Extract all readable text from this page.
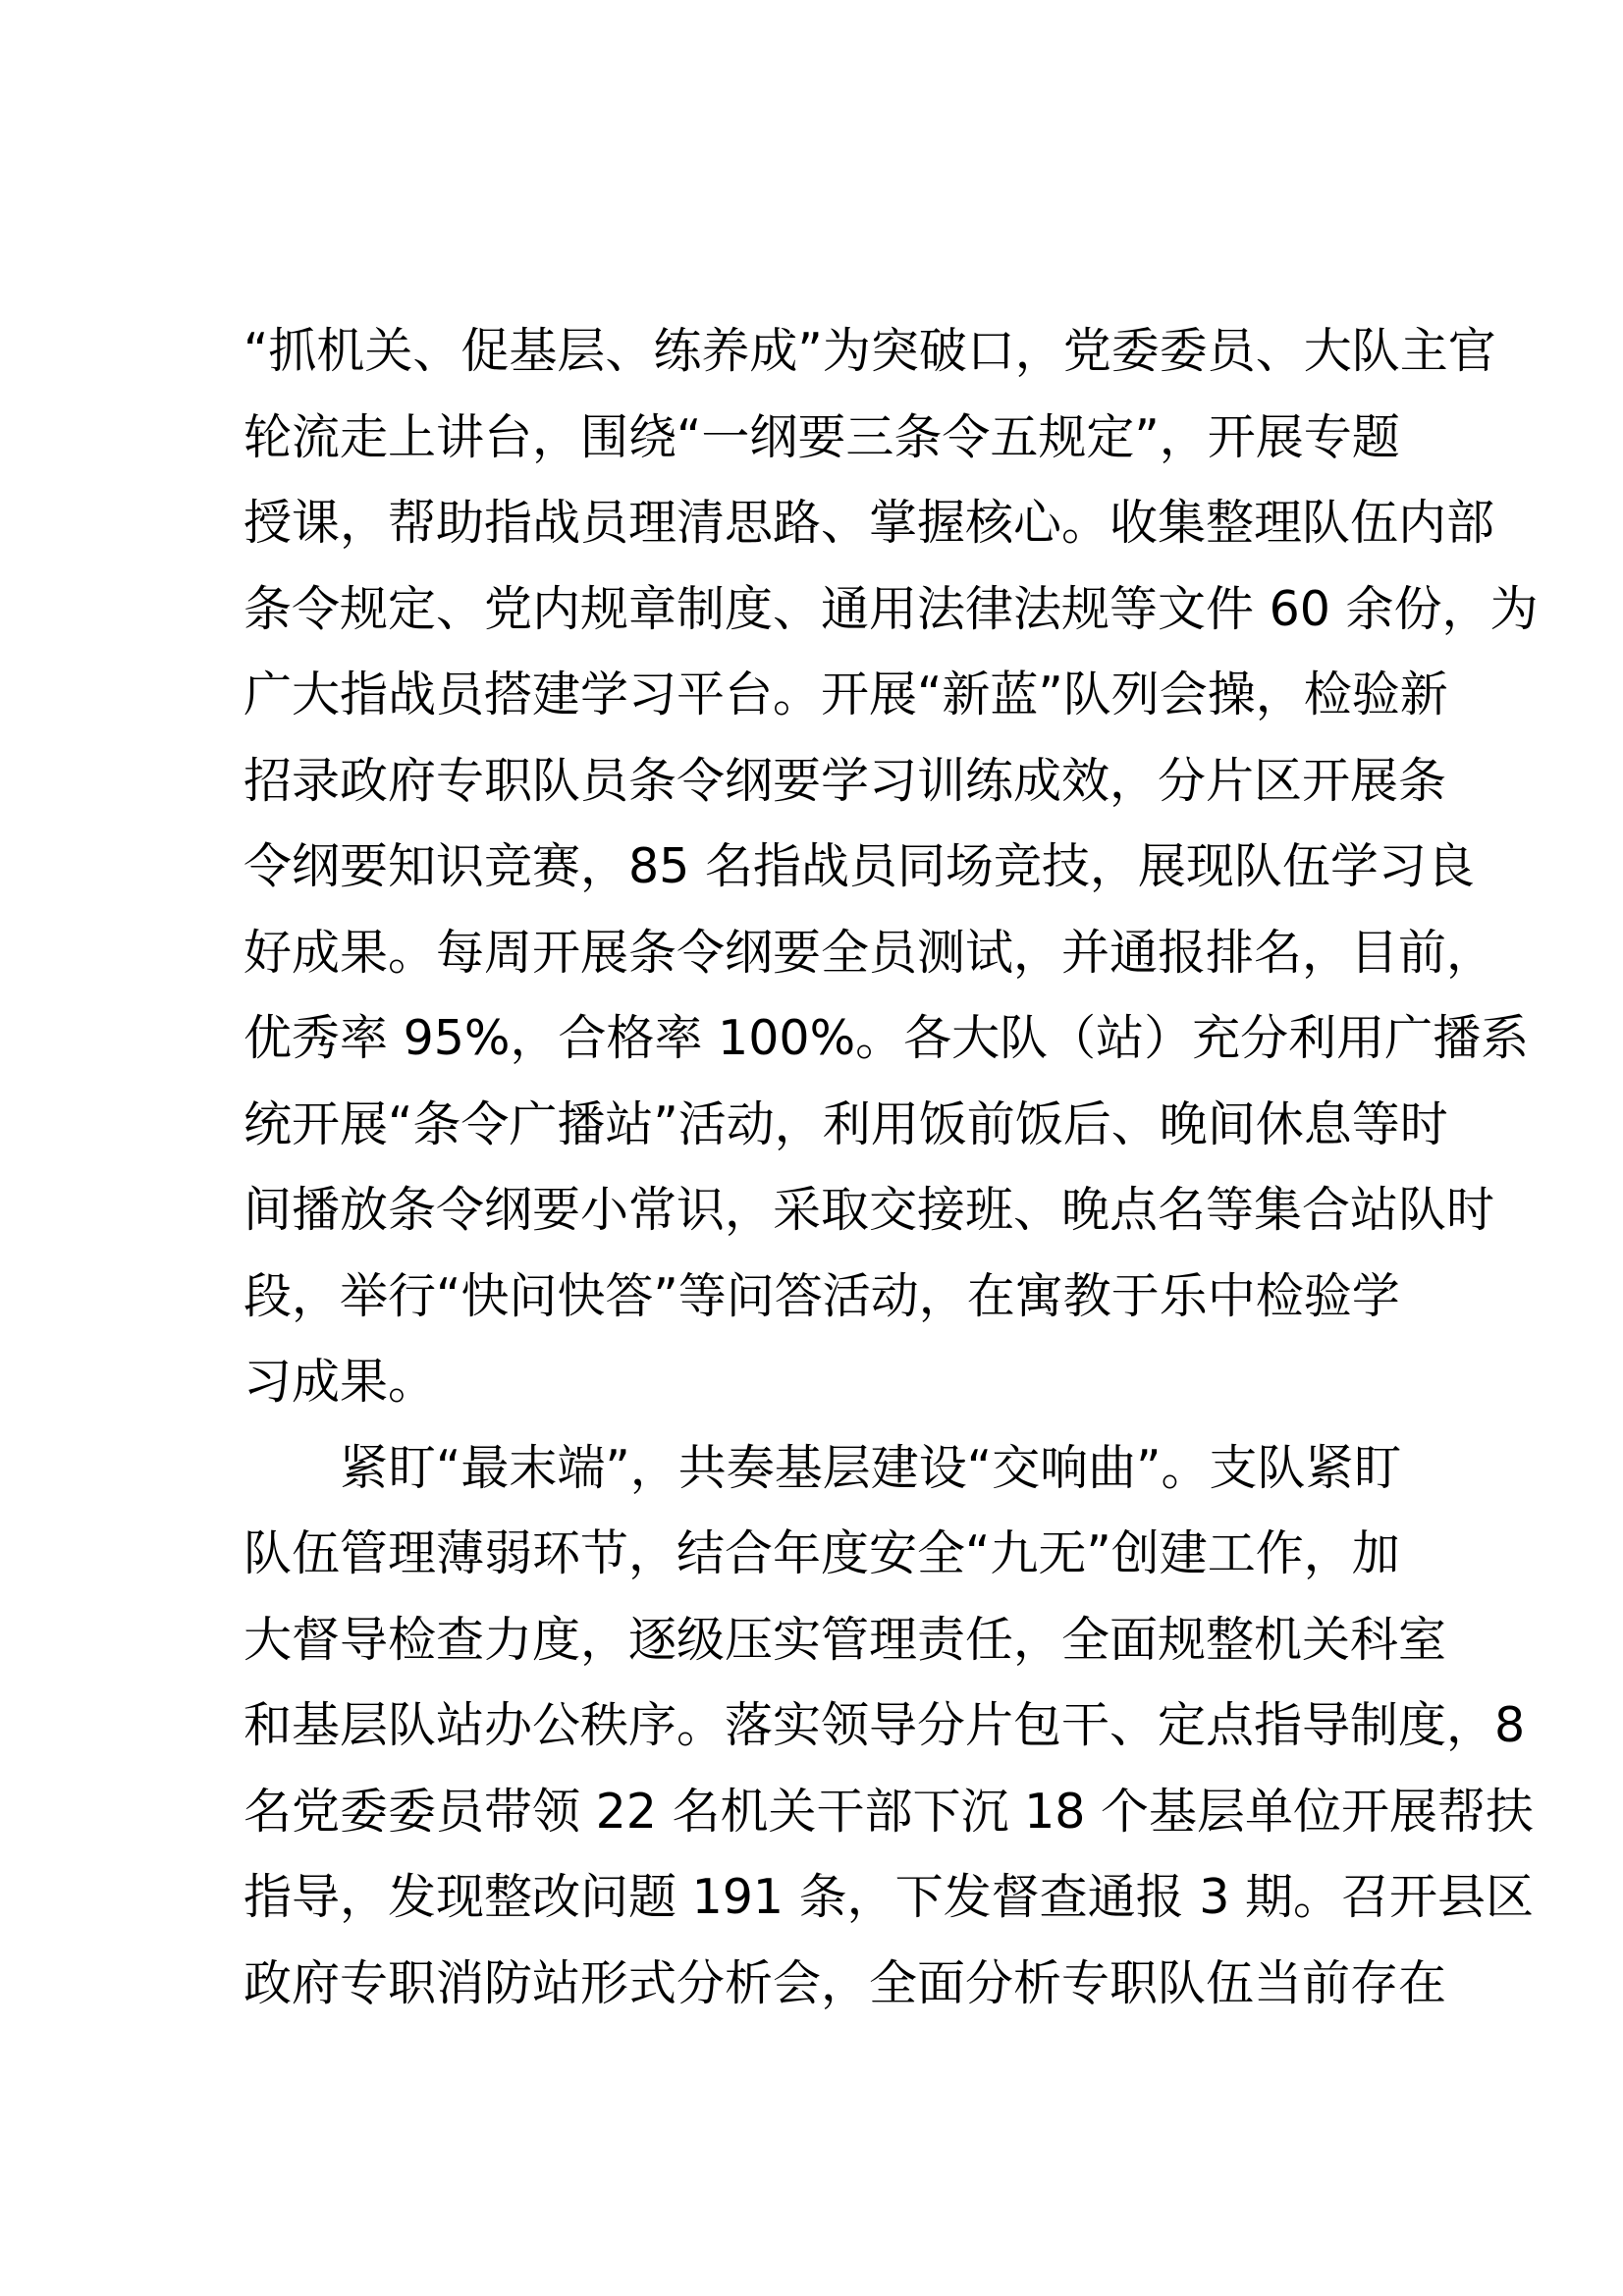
“抓机关、促基层、练养成”为突破口，党委委员、大队主官
轮流走上讲台，围绕“一纲要三条令五规定”，开展专题
授课，帮助指战员理清思路、掌握核心。收集整理队伍内部
条令规定、党内规章制度、通用法律法规等文件 60 余份，为
广大指战员搭建学习平台。开展“新蓝”队列会操，检验新
招录政府专职队员条令纲要学习训练成效，分片区开展条
令纲要知识竞赛，85 名指战员同场竞技，展现队伍学习良
好成果。每周开展条令纲要全员测试，并通报排名，目前，
优秀率 95%，合格率 100%。各大队（站）充分利用广播系
统开展“条令广播站”活动，利用饭前饭后、晚间休息等时
间播放条令纲要小常识，采取交接班、晚点名等集合站队时
段，举行“快问快答”等问答活动，在寓教于乐中检验学
习成果。
紧盯“最末端”，共奏基层建设“交响曲”。支队紧盯
队伍管理薄弱环节，结合年度安全“九无”创建工作，加
大督导检查力度，逐级压实管理责任，全面规整机关科室
和基层队站办公秩序。落实领导分片包干、定点指导制度，8
名党委委员带领 22 名机关干部下沉 18 个基层单位开展帮扶
指导，发现整改问题 191 条，下发督查通报 3 期。召开县区
政府专职消防站形式分析会，全面分析专职队伍当前存在
